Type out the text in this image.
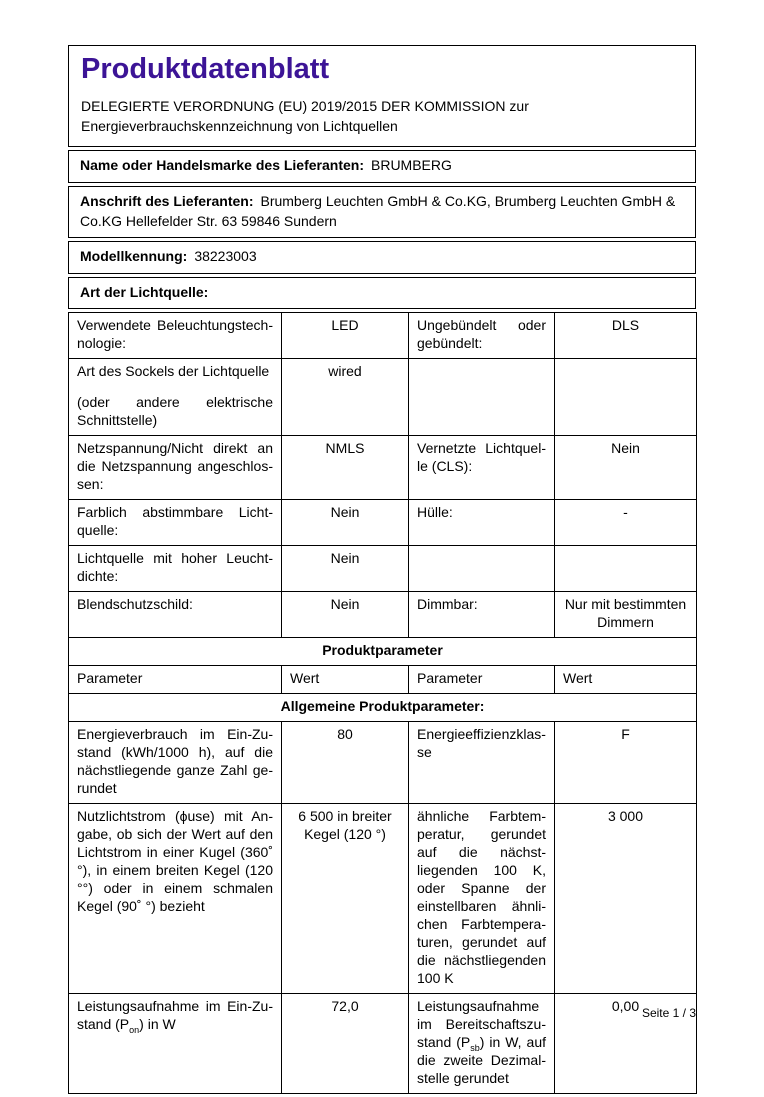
Produktdatenblatt

DELEGIERTE VERORDNUNG (EU) 2019/2015 DER KOMMISSION zur Energieverbrauchskennzeichnung von Lichtquellen

Name oder Handelsmarke des Lieferanten: BRUMBERG
Anschrift des Lieferanten: Brumberg Leuchten GmbH & Co.KG, Brumberg Leuchten GmbH & Co.KG Hellefelder Str. 63 59846 Sundern
Modellkennung: 38223003
Art der Lichtquelle:
Verwendete Beleuchtungstechnologie:	LED	Ungebündelt oder gebündelt:	DLS

Art des Sockels der Lichtquelle

(oder andere elektrische Schnittstelle)	wired		
Netzspannung/Nicht direkt an die Netzspannung angeschlossen:	NMLS	Vernetzte Lichtquelle (CLS):	Nein
Farblich abstimmbare Lichtquelle:	Nein	Hülle:	-
Lichtquelle mit hoher Leuchtdichte:	Nein		
Blendschutzschild:	Nein	Dimmbar:	Nur mit bestimmten Dimmern
Produktparameter			
Parameter	Wert	Parameter	Wert
Allgemeine Produktparameter:			
Energieverbrauch im Ein-Zustand (kWh/1000 h), auf die nächstliegende ganze Zahl gerundet	80	Energieeffizienzklasse	F
Nutzlichtstrom (ϕuse) mit Angabe, ob sich der Wert auf den Lichtstrom in einer Kugel (360˚ °), in einem breiten Kegel (120 °°) oder in einem schmalen Kegel (90˚ °) bezieht	6 500 in breiter Kegel (120 °)	ähnliche Farbtemperatur, gerundet auf die nächstliegenden 100 K, oder Spanne der einstellbaren ähnlichen Farbtemperaturen, gerundet auf die nächstliegenden 100 K	3 000
Leistungsaufnahme im Ein-Zustand $(P_{on})$ in W	72,0	Leistungsaufnahme im Bereitschaftszustand $(P_{sb})$ in W, auf die zweite Dezimalstelle gerundet	0,00 Seite 1 / 3
